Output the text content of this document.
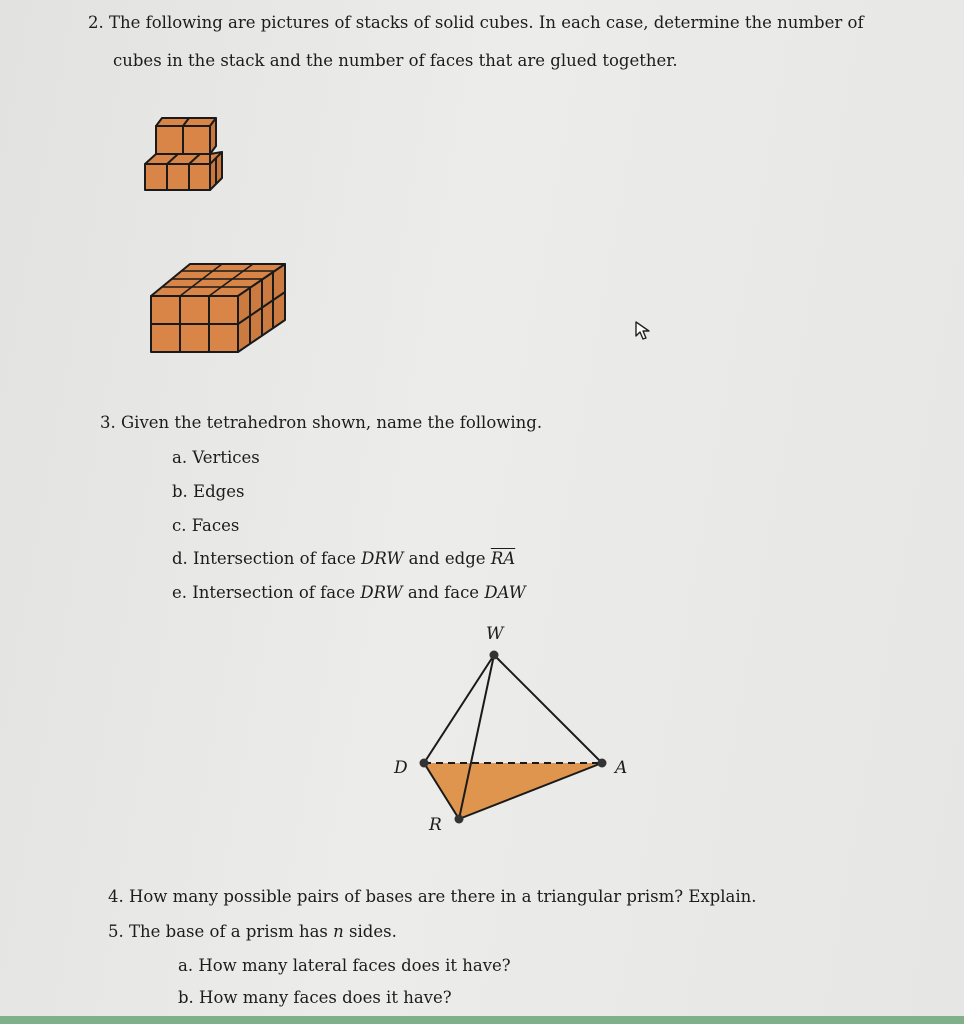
2. The following are pictures of stacks of solid cubes. In each case, determine the number of
cubes in the stack and the number of faces that are glued together.
3. Given the tetrahedron shown, name the following.
a. Vertices
b. Edges
c. Faces
d. Intersection of face DRW and edge $\overline{RA}$
e. Intersection of face DRW and face DAW
W
D	A
R
4. How many possible pairs of bases are there in a triangular prism? Explain.
5. The base of a prism has n sides.
a. How many lateral faces does it have?
b. How many faces does it have?
